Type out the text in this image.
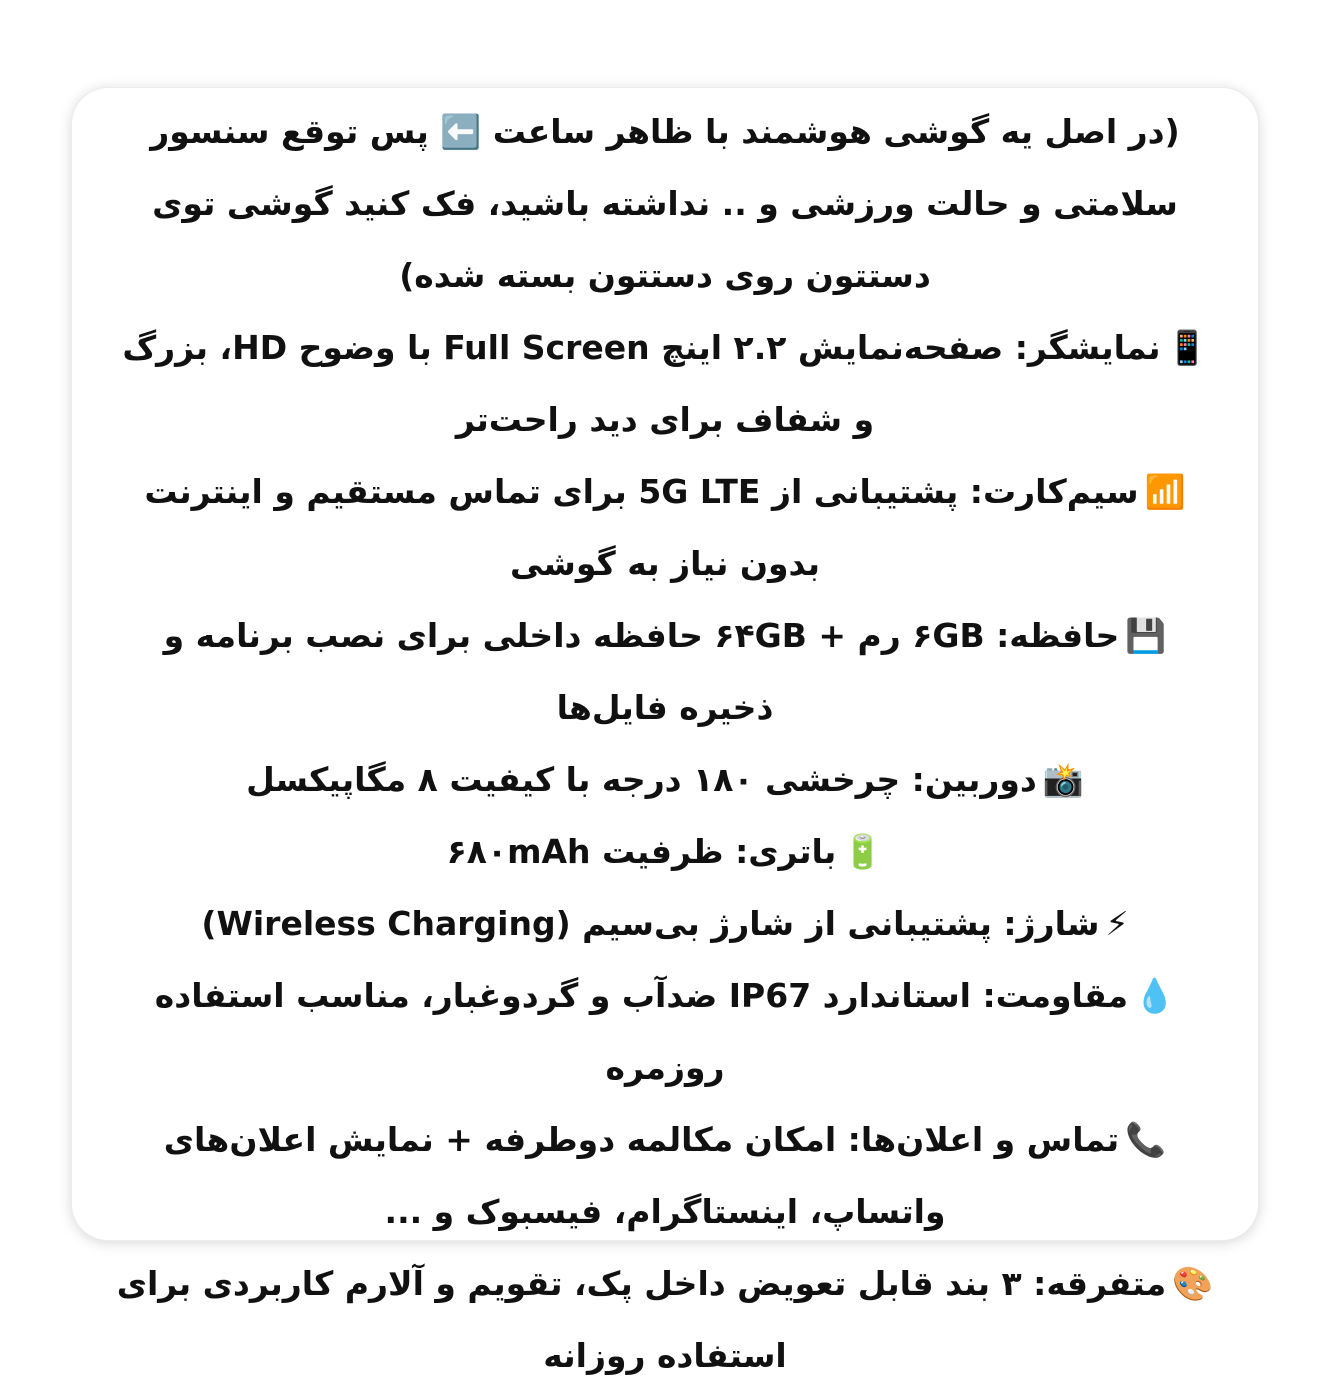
(در اصل یه گوشی هوشمند با ظاهر ساعت ⬅️ پس توقع سنسور سلامتی و حالت ورزشی و .. نداشته باشید، فک کنید گوشی توی دستتون روی دستتون بسته شده)

📱نمایشگر: صفحه‌نمایش ۲.۲ اینچ Full Screen با وضوح HD، بزرگ و شفاف برای دید راحت‌تر

📶سیم‌کارت: پشتیبانی از 5G LTE برای تماس مستقیم و اینترنت بدون نیاز به گوشی

💾حافظه: ۶GB رم + ۶۴GB حافظه داخلی برای نصب برنامه و ذخیره فایل‌ها

📸دوربین: چرخشی ۱۸۰ درجه با کیفیت ۸ مگاپیکسل

🔋باتری: ظرفیت ۶۸۰mAh

⚡شارژ: پشتیبانی از شارژ بی‌سیم (Wireless Charging)

💧مقاومت: استاندارد IP67 ضدآب و گردوغبار، مناسب استفاده روزمره

📞تماس و اعلان‌ها: امکان مکالمه دوطرفه + نمایش اعلان‌های واتساپ، اینستاگرام، فیسبوک و ...

🎨متفرقه: ۳ بند قابل تعویض داخل پک، تقویم و آلارم کاربردی برای استفاده روزانه
